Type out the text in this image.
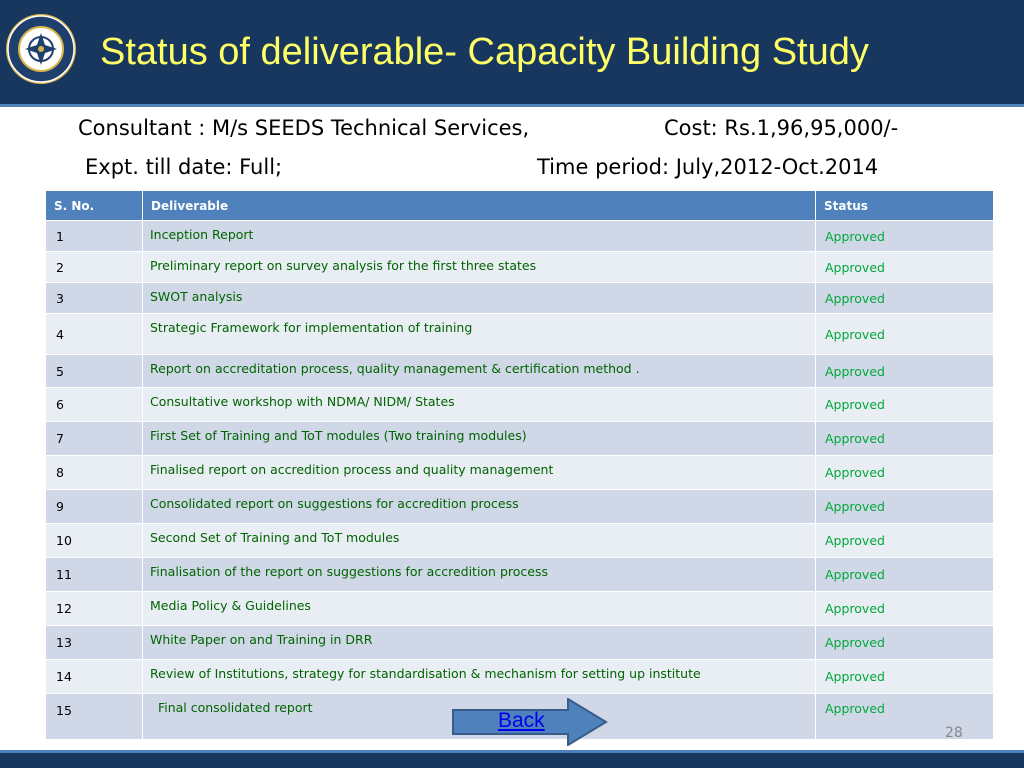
Status of deliverable- Capacity Building Study
Consultant : M/s SEEDS Technical Services,	Cost: Rs.1,96,95,000/-
Expt. till date: Full;	Time period: July,2012-Oct.2014
S. No.	Deliverable	Status
1	Inception Report	Approved
2	Preliminary report on survey analysis for the first three states	Approved
3	SWOT analysis	Approved
4	Strategic Framework for implementation of training	Approved
5	Report on accreditation process, quality management & certification method .	Approved
6	Consultative workshop with NDMA/ NIDM/ States	Approved
7	First Set of Training and ToT modules (Two training modules)	Approved
8	Finalised report on accredition process and quality management	Approved
9	Consolidated report on suggestions for accredition process	Approved
10	Second Set of Training and ToT modules	Approved
11	Finalisation of the report on suggestions for accredition process	Approved
12	Media Policy & Guidelines	Approved
13	White Paper on and Training in DRR	Approved
14	Review of Institutions, strategy for standardisation & mechanism for setting up institute	Approved
15	Final consolidated report	Approved
Back
28
